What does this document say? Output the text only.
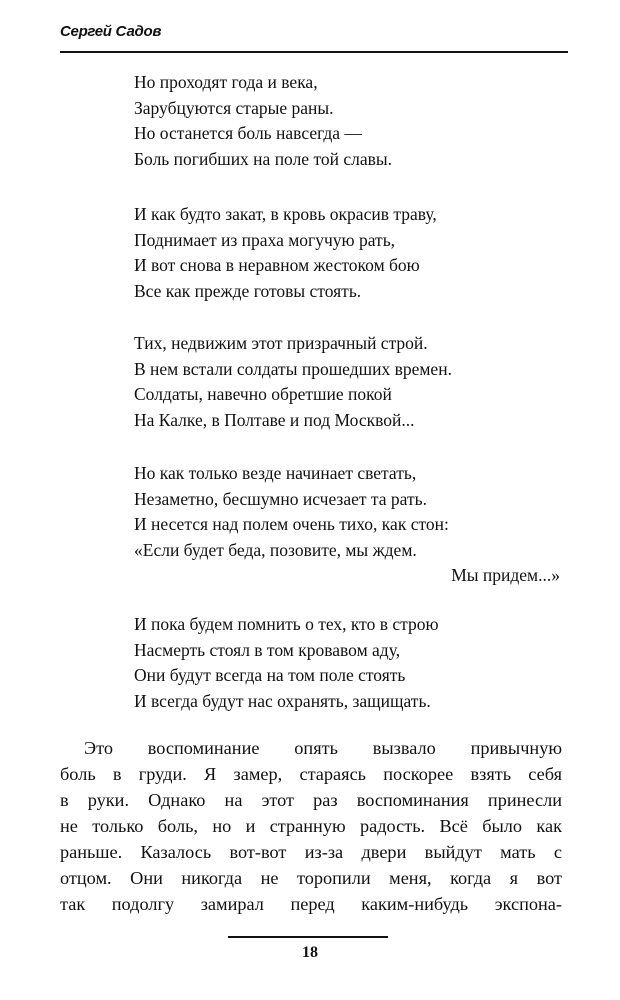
Сергей Садов
Но проходят года и века,
Зарубцуются старые раны.
Но останется боль навсегда —
Боль погибших на поле той славы.
И как будто закат, в кровь окрасив траву,
Поднимает из праха могучую рать,
И вот снова в неравном жестоком бою
Все как прежде готовы стоять.
Тих, недвижим этот призрачный строй.
В нем встали солдаты прошедших времен.
Солдаты, навечно обретшие покой
На Калке, в Полтаве и под Москвой...
Но как только везде начинает светать,
Незаметно, бесшумно исчезает та рать.
И несется над полем очень тихо, как стон:
«Если будет беда, позовите, мы ждем.
Мы придем...»
И пока будем помнить о тех, кто в строю
Насмерть стоял в том кровавом аду,
Они будут всегда на том поле стоять
И всегда будут нас охранять, защищать.
Это воспоминание опять вызвало привычную
боль в груди. Я замер, стараясь поскорее взять себя
в руки. Однако на этот раз воспоминания принесли
не только боль, но и странную радость. Всё было как
раньше. Казалось вот-вот из-за двери выйдут мать с
отцом. Они никогда не торопили меня, когда я вот
так подолгу замирал перед каким-нибудь экспона-
18
